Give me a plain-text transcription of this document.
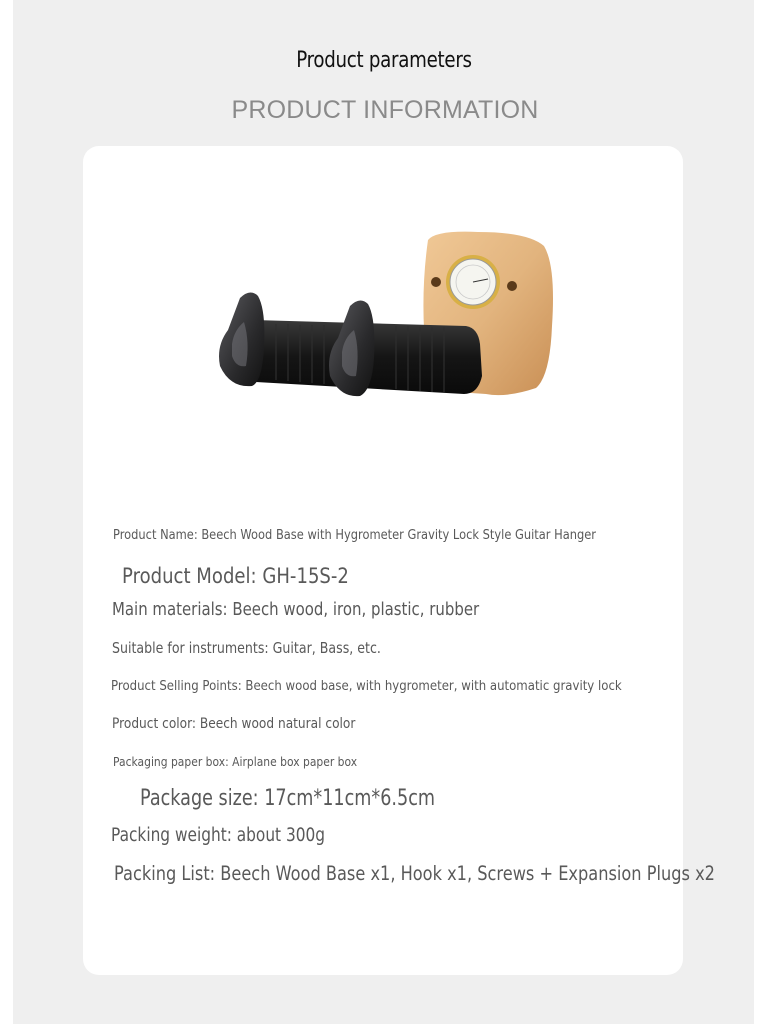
Product parameters
PRODUCT INFORMATION
Product Name: Beech Wood Base with Hygrometer Gravity Lock Style Guitar Hanger
Product Model: GH-15S-2
Main materials: Beech wood, iron, plastic, rubber
Suitable for instruments: Guitar, Bass, etc.
Product Selling Points: Beech wood base, with hygrometer, with automatic gravity lock
Product color: Beech wood natural color
Packaging paper box: Airplane box paper box
Package size: 17cm*11cm*6.5cm
Packing weight: about 300g
Packing List: Beech Wood Base x1, Hook x1, Screws + Expansion Plugs x2
